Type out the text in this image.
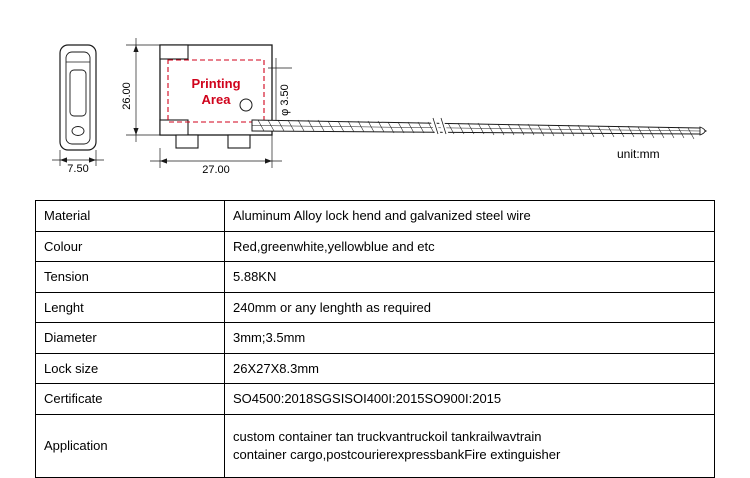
7.50
Printing
Area
26.00
27.00
φ 3.50
unit:mm
Material	Aluminum Alloy lock hend and galvanized steel wire
Colour	Red,greenwhite,yellowblue and etc
Tension	5.88KN
Lenght	240mm or any lenghth as required
Diameter	3mm;3.5mm
Lock size	26X27X8.3mm
Certificate	SO4500:2018SGSISOI400I:2015SO900I:2015
Application	custom container tan truckvantruckoil tankrailwavtrain
container cargo,postcourierexpressbankFire extinguisher
